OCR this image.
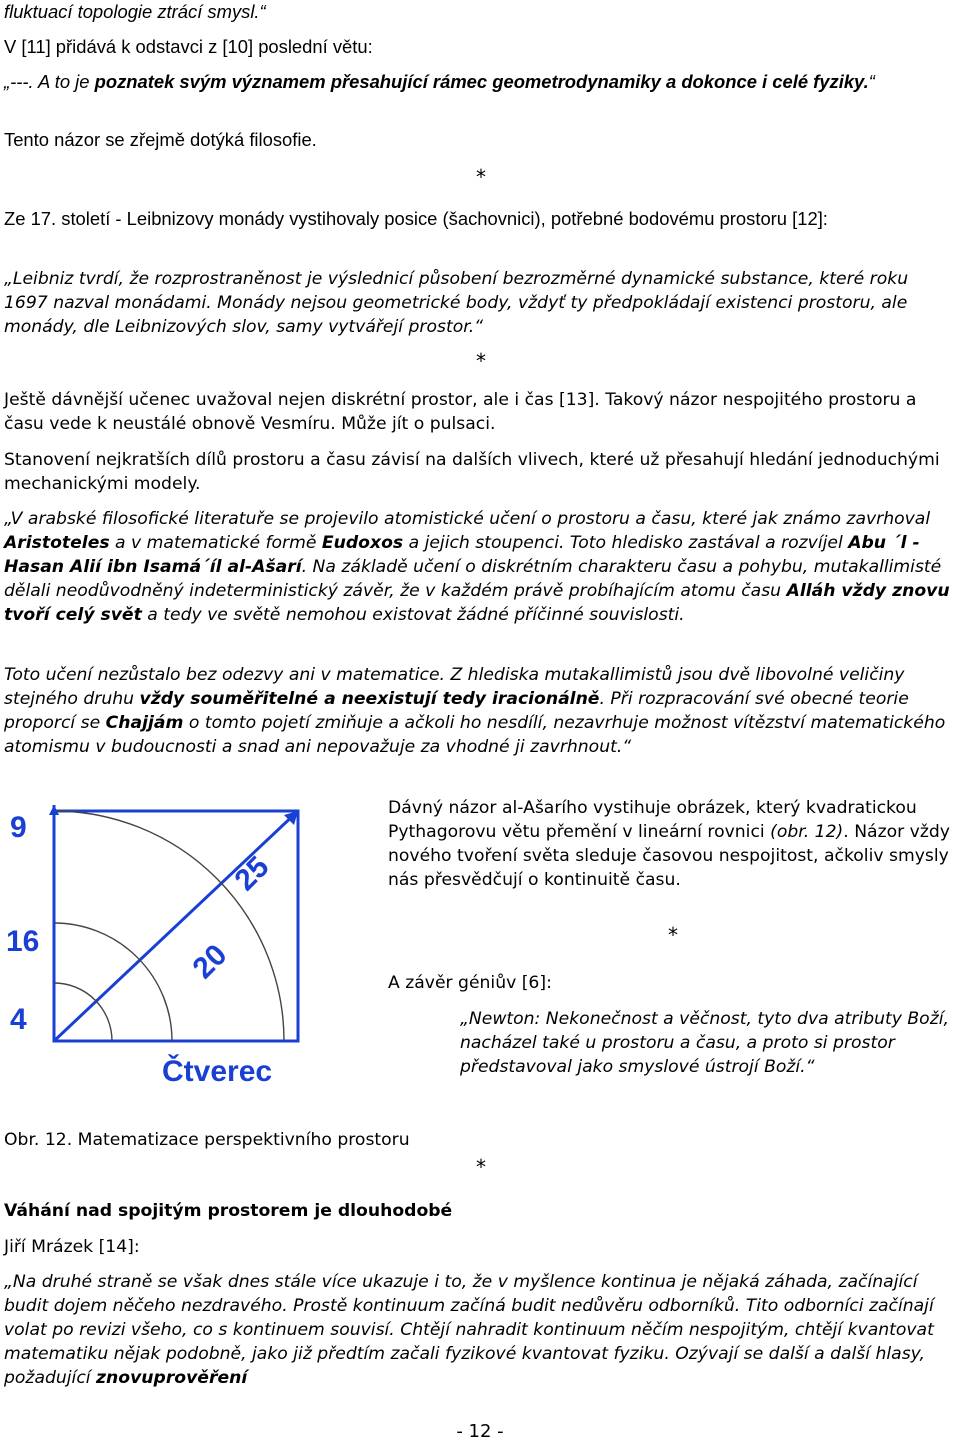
fluktuací topologie ztrácí smysl.“

V [11] přidává k odstavci z [10] poslední větu:

„---. A to je poznatek svým významem přesahující rámec geometrodynamiky a dokonce i celé fyziky.“

Tento názor se zřejmě dotýká filosofie.

*

Ze 17. století - Leibnizovy monády vystihovaly posice (šachovnici), potřebné bodovému prostoru [12]:

„Leibniz tvrdí, že rozprostraněnost je výslednicí působení bezrozměrné dynamické substance, které roku 1697 nazval monádami. Monády nejsou geometrické body, vždyť ty předpokládají existenci prostoru, ale monády, dle Leibnizových slov, samy vytvářejí prostor.“

*

Ještě dávnější učenec uvažoval nejen diskrétní prostor, ale i čas [13]. Takový názor nespojitého prostoru a času vede k neustálé obnově Vesmíru. Může jít o pulsaci.

Stanovení nejkratších dílů prostoru a času závisí na dalších vlivech, které už přesahují hledání jednoduchými mechanickými modely.

„V arabské filosofické literatuře se projevilo atomistické učení o prostoru a času, které jak známo zavrhoval Aristoteles a v matematické formě Eudoxos a jejich stoupenci. Toto hledisko zastával a rozvíjel Abu ´l - Hasan Alií ibn Isamá´íl al-Ašarí. Na základě učení o diskrétním charakteru času a pohybu, mutakallimisté dělali neodůvodněný indeterministický závěr, že v každém právě probíhajícím atomu času Alláh vždy znovu tvoří celý svět a tedy ve světě nemohou existovat žádné příčinné souvislosti.

Toto učení nezůstalo bez odezvy ani v matematice. Z hlediska mutakallimistů jsou dvě libovolné veličiny stejného druhu vždy souměřitelné a neexistují tedy iracionálně. Při rozpracování své obecné teorie proporcí se Chajjám o tomto pojetí zmiňuje a ačkoli ho nesdílí, nezavrhuje možnost vítězství matematického atomismu v budoucnosti a snad ani nepovažuje za vhodné ji zavrhnout.“

9
16
4
20
25
Čtverec

Obr. 12. Matematizace perspektivního prostoru

Dávný názor al-Ašarího vystihuje obrázek, který kvadratickou Pythagorovu větu přemění v lineární rovnici (obr. 12). Názor vždy nového tvoření světa sleduje časovou nespojitost, ačkoliv smysly nás přesvědčují o kontinuitě času.

*

A závěr géniův [6]:

„Newton: Nekonečnost a věčnost, tyto dva atributy Boží, nacházel také u prostoru a času, a proto si prostor představoval jako smyslové ústrojí Boží.“

*
Váhání nad spojitým prostorem je dlouhodobé

Jiří Mrázek [14]:

„Na druhé straně se však dnes stále více ukazuje i to, že v myšlence kontinua je nějaká záhada, začínající budit dojem něčeho nezdravého. Prostě kontinuum začíná budit nedůvěru odborníků. Tito odborníci začínají volat po revizi všeho, co s kontinuem souvisí. Chtějí nahradit kontinuum něčím nespojitým, chtějí kvantovat matematiku nějak podobně, jako již předtím začali fyzikové kvantovat fyziku. Ozývají se další a další hlasy, požadující znovuprověření

- 12 -
